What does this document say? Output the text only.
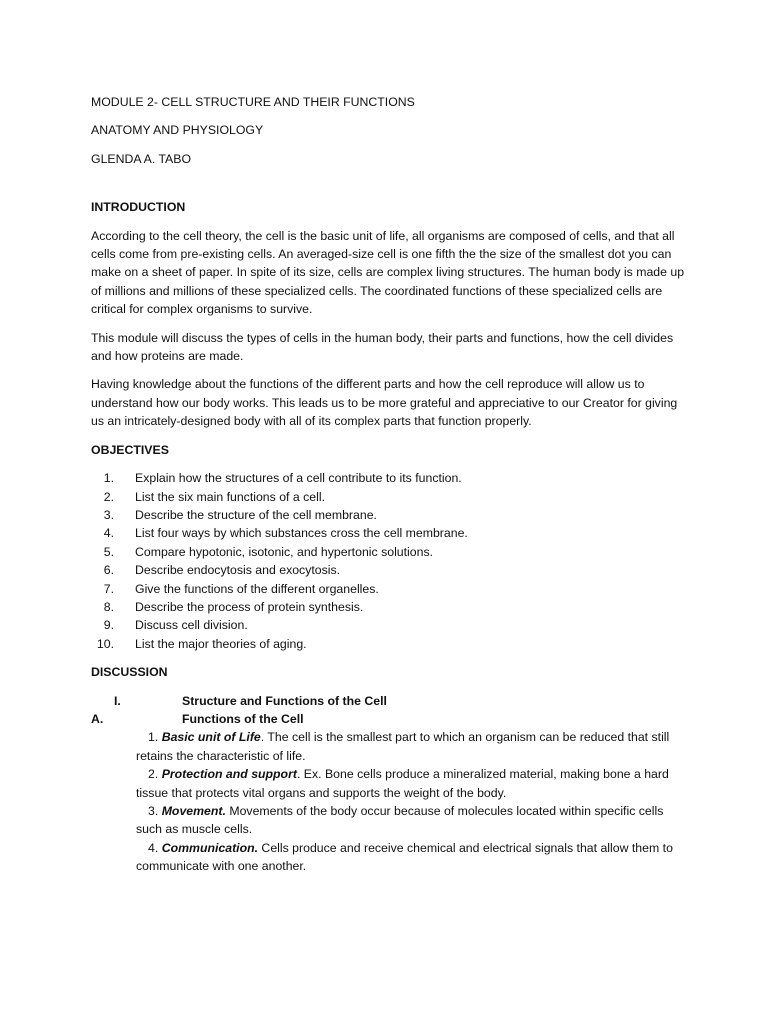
MODULE 2- CELL STRUCTURE AND THEIR FUNCTIONS

ANATOMY AND PHYSIOLOGY

GLENDA A. TABO

INTRODUCTION

According to the cell theory, the cell is the basic unit of life, all organisms are composed of cells, and that all cells come from pre-existing cells. An averaged-size cell is one fifth the the size of the smallest dot you can make on a sheet of paper. In spite of its size, cells are complex living structures. The human body is made up of millions and millions of these specialized cells. The coordinated functions of these specialized cells are critical for complex organisms to survive.

This module will discuss the types of cells in the human body, their parts and functions, how the cell divides and how proteins are made.

Having knowledge about the functions of the different parts and how the cell reproduce will allow us to understand how our body works. This leads us to be more grateful and appreciative to our Creator for giving us an intricately-designed body with all of its complex parts that function properly.

OBJECTIVES

1.	Explain how the structures of a cell contribute to its function.
2.	List the six main functions of a cell.
3.	Describe the structure of the cell membrane.
4.	List four ways by which substances cross the cell membrane.
5.	Compare hypotonic, isotonic, and hypertonic solutions.
6.	Describe endocytosis and exocytosis.
7.	Give the functions of the different organelles.
8.	Describe the process of protein synthesis.
9.	Discuss cell division.
10.	List the major theories of aging.

DISCUSSION

I.	Structure and Functions of the Cell
A.	Functions of the Cell

1. Basic unit of Life. The cell is the smallest part to which an organism can be reduced that still retains the characteristic of life.

2. Protection and support. Ex. Bone cells produce a mineralized material, making bone a hard tissue that protects vital organs and supports the weight of the body.

3. Movement. Movements of the body occur because of molecules located within specific cells such as muscle cells.

4. Communication. Cells produce and receive chemical and electrical signals that allow them to communicate with one another.
